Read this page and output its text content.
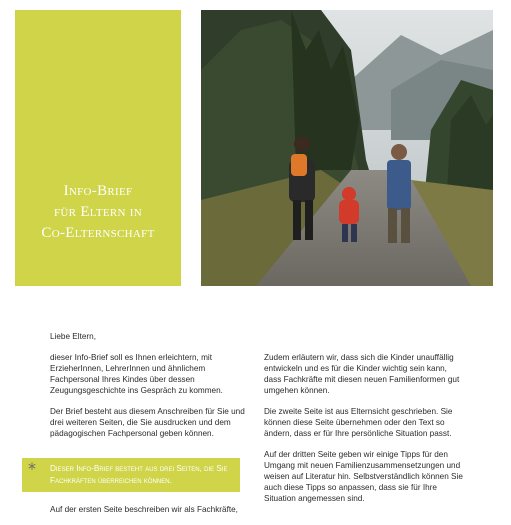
Info-Brief
für Eltern in
Co-Elternschaft

Liebe Eltern,

dieser Info-Brief soll es Ihnen erleichtern, mit ErzieherInnen, LehrerInnen und ähnlichem Fachpersonal Ihres Kindes über dessen Zeugungsgeschichte ins Gespräch zu kommen.

Der Brief besteht aus diesem Anschreiben für Sie und drei weiteren Seiten, die Sie ausdrucken und dem pädagogischen Fachpersonal geben können.

* Dieser Info-Brief besteht aus drei Seiten, die Sie Fachkräften überreichen können.

Auf der ersten Seite beschreiben wir als Fachkräfte,

Zudem erläutern wir, dass sich die Kinder unauffällig entwickeln und es für die Kinder wichtig sein kann, dass Fachkräfte mit diesen neuen Familienformen gut umgehen können.

Die zweite Seite ist aus Elternsicht geschrieben. Sie können diese Seite übernehmen oder den Text so ändern, dass er für Ihre persönliche Situation passt.

Auf der dritten Seite geben wir einige Tipps für den Umgang mit neuen Familienzusammensetzungen und weisen auf Literatur hin. Selbstverständlich können Sie auch diese Tipps so anpassen, dass sie für Ihre Situation angemessen sind.
